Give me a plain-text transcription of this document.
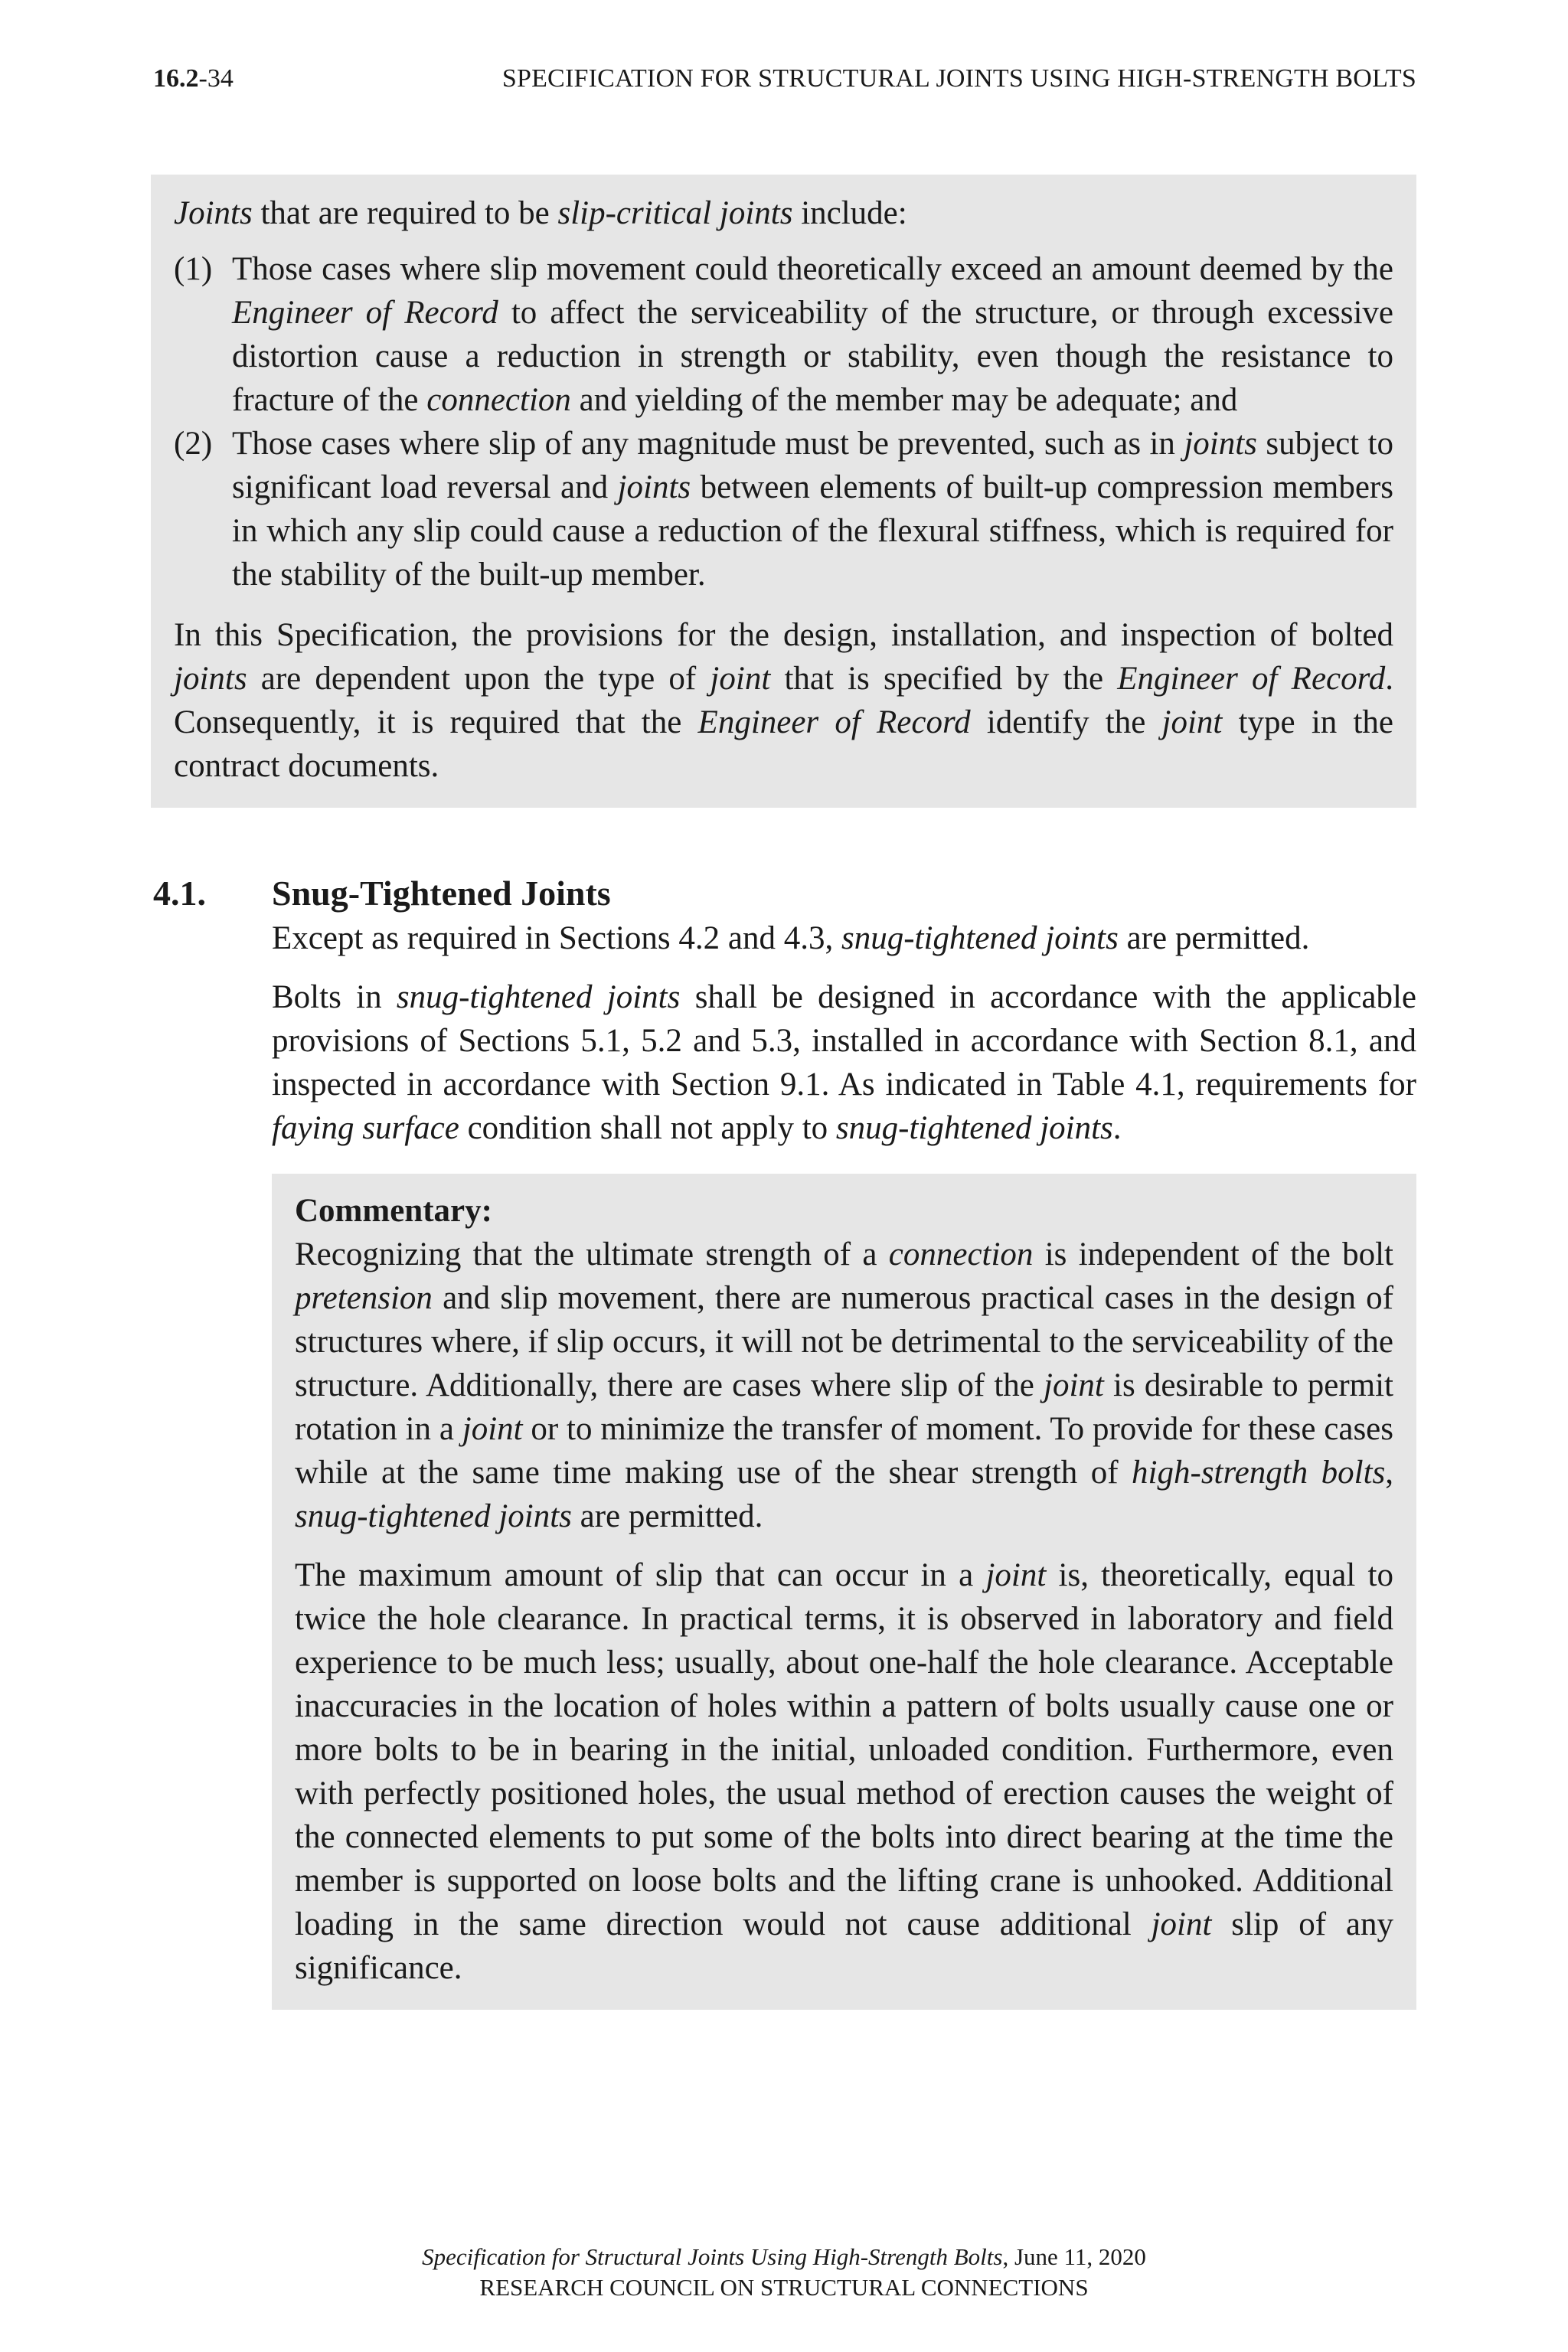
16.2-34	SPECIFICATION FOR STRUCTURAL JOINTS USING HIGH-STRENGTH BOLTS

Joints that are required to be slip-critical joints include:

(1) Those cases where slip movement could theoretically exceed an amount deemed by the Engineer of Record to affect the serviceability of the structure, or through excessive distortion cause a reduction in strength or stability, even though the resistance to fracture of the connection and yielding of the member may be adequate; and
(2) Those cases where slip of any magnitude must be prevented, such as in joints subject to significant load reversal and joints between elements of built-up compression members in which any slip could cause a reduction of the flexural stiffness, which is required for the stability of the built-up member.

In this Specification, the provisions for the design, installation, and inspection of bolted joints are dependent upon the type of joint that is specified by the Engineer of Record. Consequently, it is required that the Engineer of Record identify the joint type in the contract documents.

4.1. Snug-Tightened Joints

Except as required in Sections 4.2 and 4.3, snug-tightened joints are permitted.

Bolts in snug-tightened joints shall be designed in accordance with the applicable provisions of Sections 5.1, 5.2 and 5.3, installed in accordance with Section 8.1, and inspected in accordance with Section 9.1. As indicated in Table 4.1, requirements for faying surface condition shall not apply to snug-tightened joints.

Commentary:

Recognizing that the ultimate strength of a connection is independent of the bolt pretension and slip movement, there are numerous practical cases in the design of structures where, if slip occurs, it will not be detrimental to the serviceability of the structure. Additionally, there are cases where slip of the joint is desirable to permit rotation in a joint or to minimize the transfer of moment. To provide for these cases while at the same time making use of the shear strength of high-strength bolts, snug-tightened joints are permitted.

The maximum amount of slip that can occur in a joint is, theoretically, equal to twice the hole clearance. In practical terms, it is observed in laboratory and field experience to be much less; usually, about one-half the hole clearance. Acceptable inaccuracies in the location of holes within a pattern of bolts usually cause one or more bolts to be in bearing in the initial, unloaded condition. Furthermore, even with perfectly positioned holes, the usual method of erection causes the weight of the connected elements to put some of the bolts into direct bearing at the time the member is supported on loose bolts and the lifting crane is unhooked. Additional loading in the same direction would not cause additional joint slip of any significance.

Specification for Structural Joints Using High-Strength Bolts, June 11, 2020
RESEARCH COUNCIL ON STRUCTURAL CONNECTIONS
